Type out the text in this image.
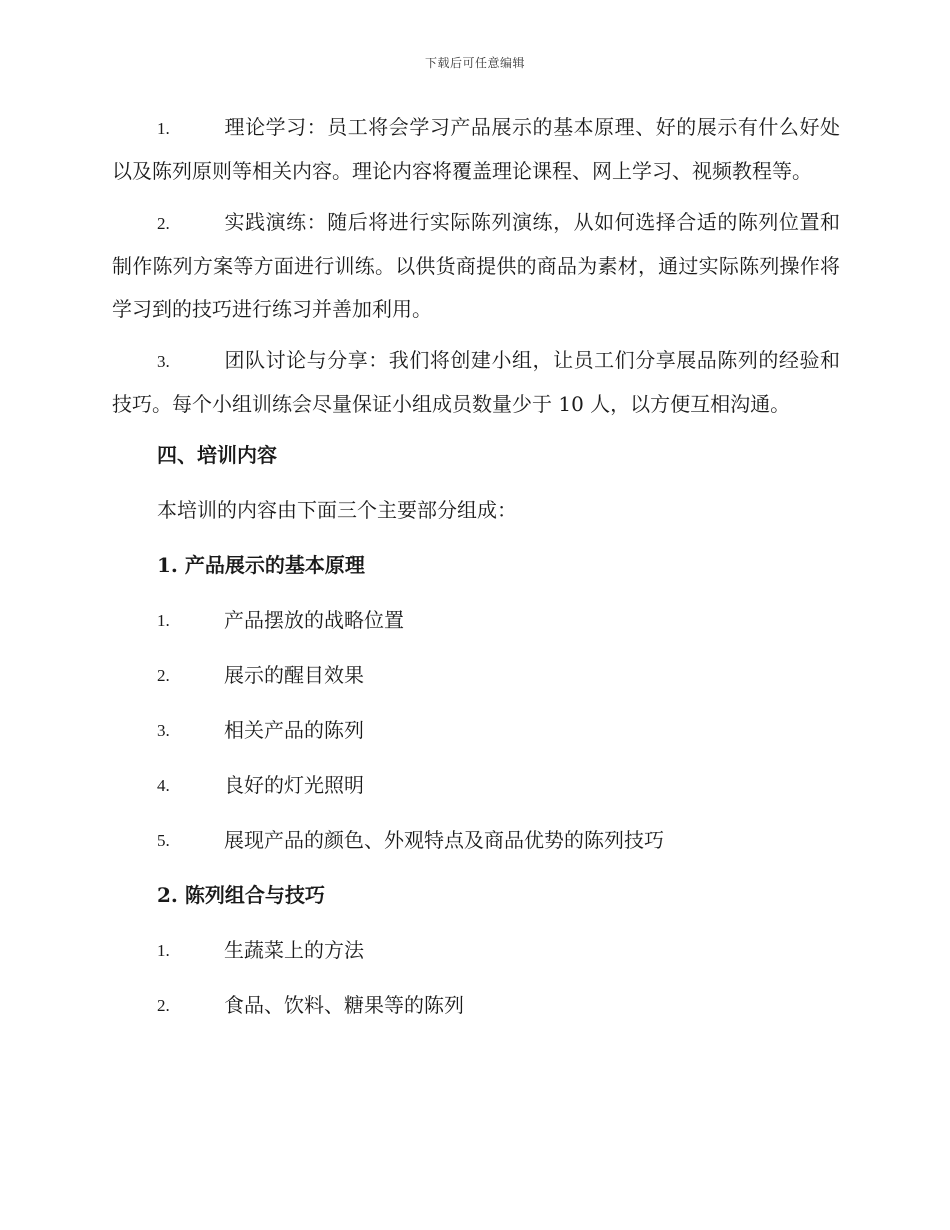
下载后可任意编辑

1.	理论学习：员工将会学习产品展示的基本原理、好的展示有什么好处以及陈列原则等相关内容。理论内容将覆盖理论课程、网上学习、视频教程等。

2.	实践演练：随后将进行实际陈列演练，从如何选择合适的陈列位置和制作陈列方案等方面进行训练。以供货商提供的商品为素材，通过实际陈列操作将学习到的技巧进行练习并善加利用。

3.	团队讨论与分享：我们将创建小组，让员工们分享展品陈列的经验和技巧。每个小组训练会尽量保证小组成员数量少于 10 人，以方便互相沟通。

四、培训内容
本培训的内容由下面三个主要部分组成：
1. 产品展示的基本原理
1.	产品摆放的战略位置
2.	展示的醒目效果
3.	相关产品的陈列
4.	良好的灯光照明
5.	展现产品的颜色、外观特点及商品优势的陈列技巧
2. 陈列组合与技巧
1.	生蔬菜上的方法
2.	食品、饮料、糖果等的陈列
